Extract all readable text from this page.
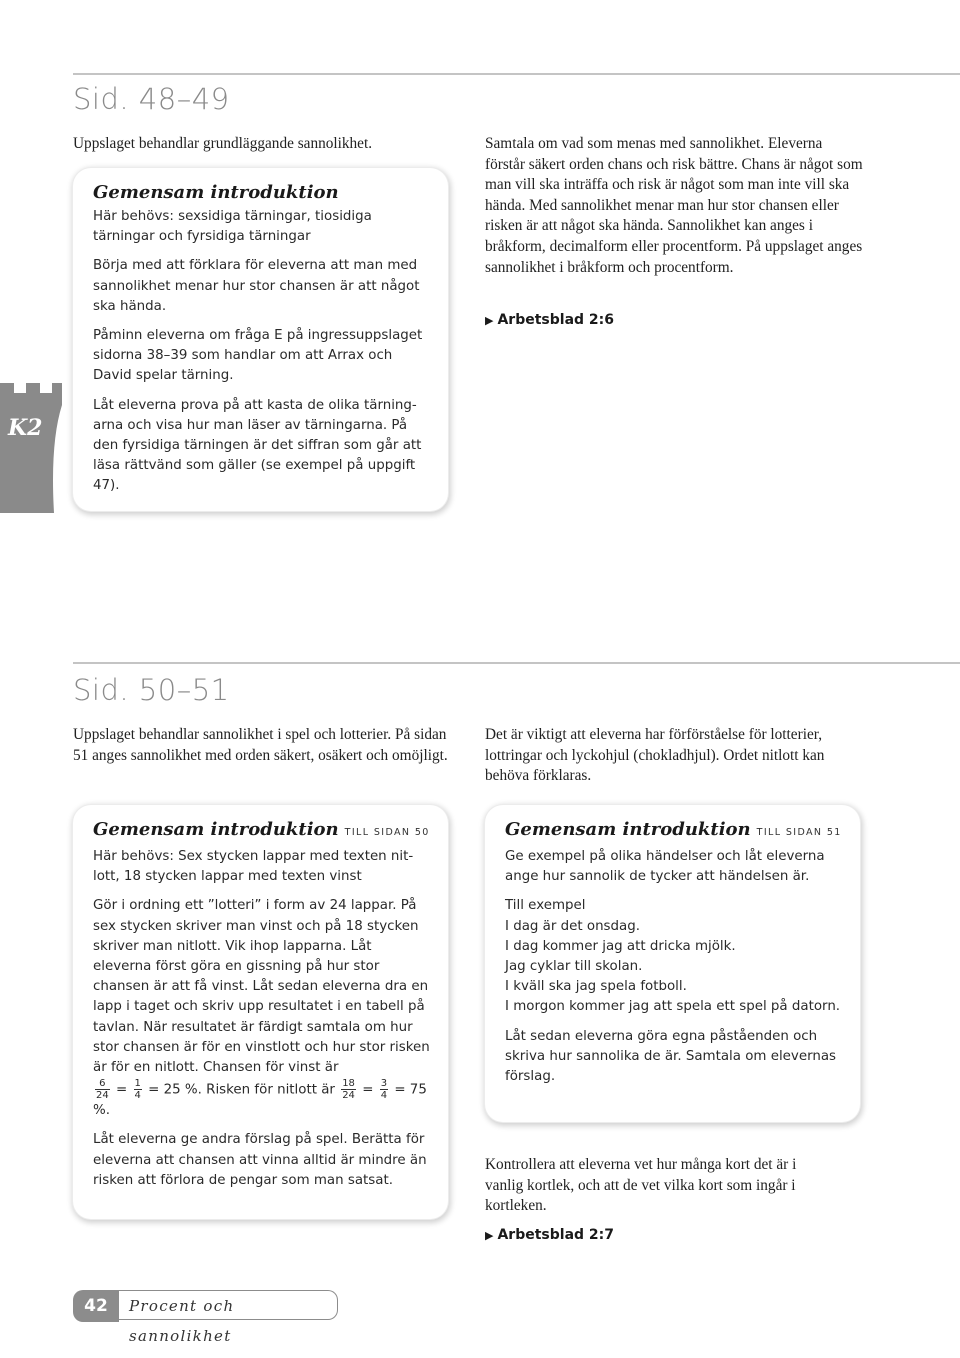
Sid. 48–49

Uppslaget behandlar grundläggande sannolikhet.

Gemensam introduktion

Här behövs: sexsidiga tärningar, tiosidiga tärningar och fyrsidiga tärningar

Börja med att förklara för eleverna att man med sannolikhet menar hur stor chansen är att något ska hända.

Påminn eleverna om fråga E på ingressuppslaget sidorna 38–39 som handlar om att Arrax och David spelar tärning.

Låt eleverna prova på att kasta de olika tärningarna och visa hur man läser av tärningarna. På den fyrsidiga tärningen är det siffran som går att läsa rättvänd som gäller (se exempel på uppgift 47).

Samtala om vad som menas med sannolikhet. Eleverna förstår säkert orden chans och risk bättre. Chans är något som man vill ska inträffa och risk är något som man inte vill ska hända. Med sannolikhet menar man hur stor chansen eller risken är att något ska hända. Sannolikhet kan anges i bråkform, decimalform eller procentform. På uppslaget anges sannolikhet i bråkform och procentform.

▶ Arbetsblad 2:6
K2
Sid. 50–51

Uppslaget behandlar sannolikhet i spel och lotterier. På sidan 51 anges sannolikhet med orden säkert, osäkert och omöjligt.

Det är viktigt att eleverna har förförståelse för lotterier, lottringar och lyckohjul (chokladhjul). Ordet nitlott kan behöva förklaras.

Gemensam introduktion TILL SIDAN 50

Här behövs: Sex stycken lappar med texten nitlott, 18 stycken lappar med texten vinst

Gör i ordning ett ”lotteri” i form av 24 lappar. På sex stycken skriver man vinst och på 18 stycken skriver man nitlott. Vik ihop lapparna. Låt eleverna först göra en gissning på hur stor chansen är att få vinst. Låt sedan eleverna dra en lapp i taget och skriv upp resultatet i en tabell på tavlan. När resultatet är färdigt samtala om hur stor chansen är för en vinstlott och hur stor risken är för en nitlott. Chansen för vinst är

$\frac{6}{24} = \frac{1}{4} = 25$ %. Risken för nitlott är $\frac{18}{24} = \frac{3}{4} = 75$ %.

Låt eleverna ge andra förslag på spel. Berätta för eleverna att chansen att vinna alltid är mindre än risken att förlora de pengar som man satsat.

Gemensam introduktion TILL SIDAN 51

Ge exempel på olika händelser och låt eleverna ange hur sannolik de tycker att händelsen är.

Till exempel
I dag är det onsdag.
I dag kommer jag att dricka mjölk.
Jag cyklar till skolan.
I kväll ska jag spela fotboll.
I morgon kommer jag att spela ett spel på datorn.

Låt sedan eleverna göra egna påståenden och skriva hur sannolika de är. Samtala om elevernas förslag.

Kontrollera att eleverna vet hur många kort det är i vanlig kortlek, och att de vet vilka kort som ingår i kortleken.

▶ Arbetsblad 2:7
42	Procent och sannolikhet
